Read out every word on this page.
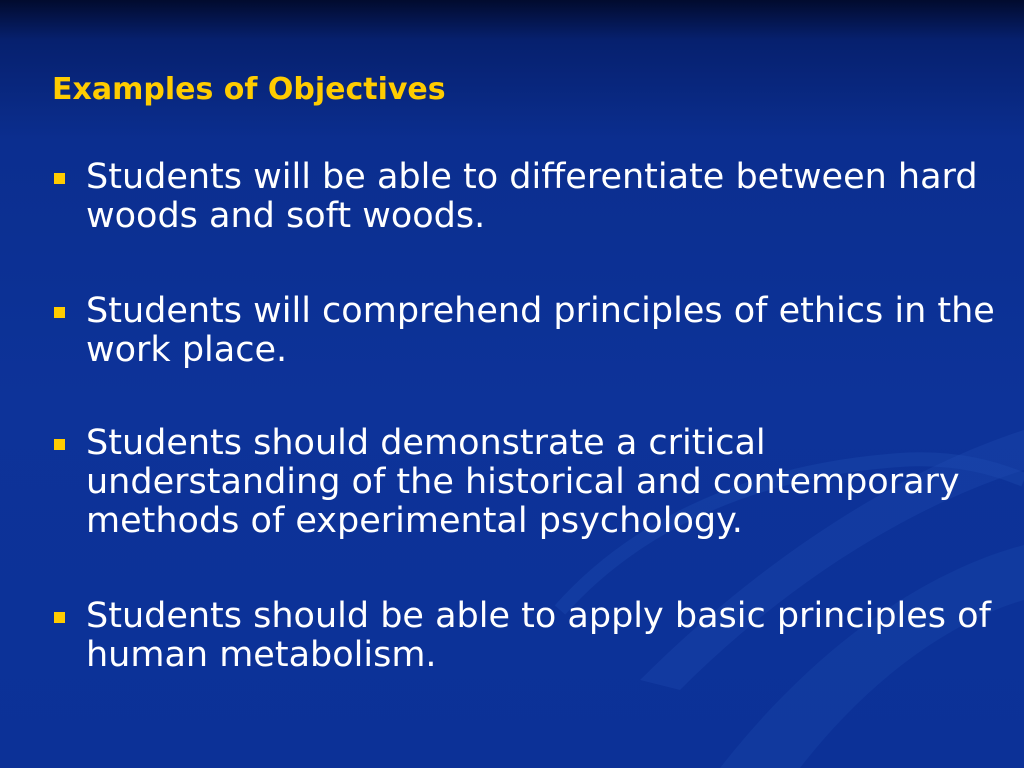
Examples of Objectives
Students will be able to differentiate between hard woods and soft woods.
Students will comprehend principles of ethics in the work place.
Students should demonstrate a critical understanding of the historical and contemporary methods of experimental psychology.
Students should be able to apply basic principles of human metabolism.
